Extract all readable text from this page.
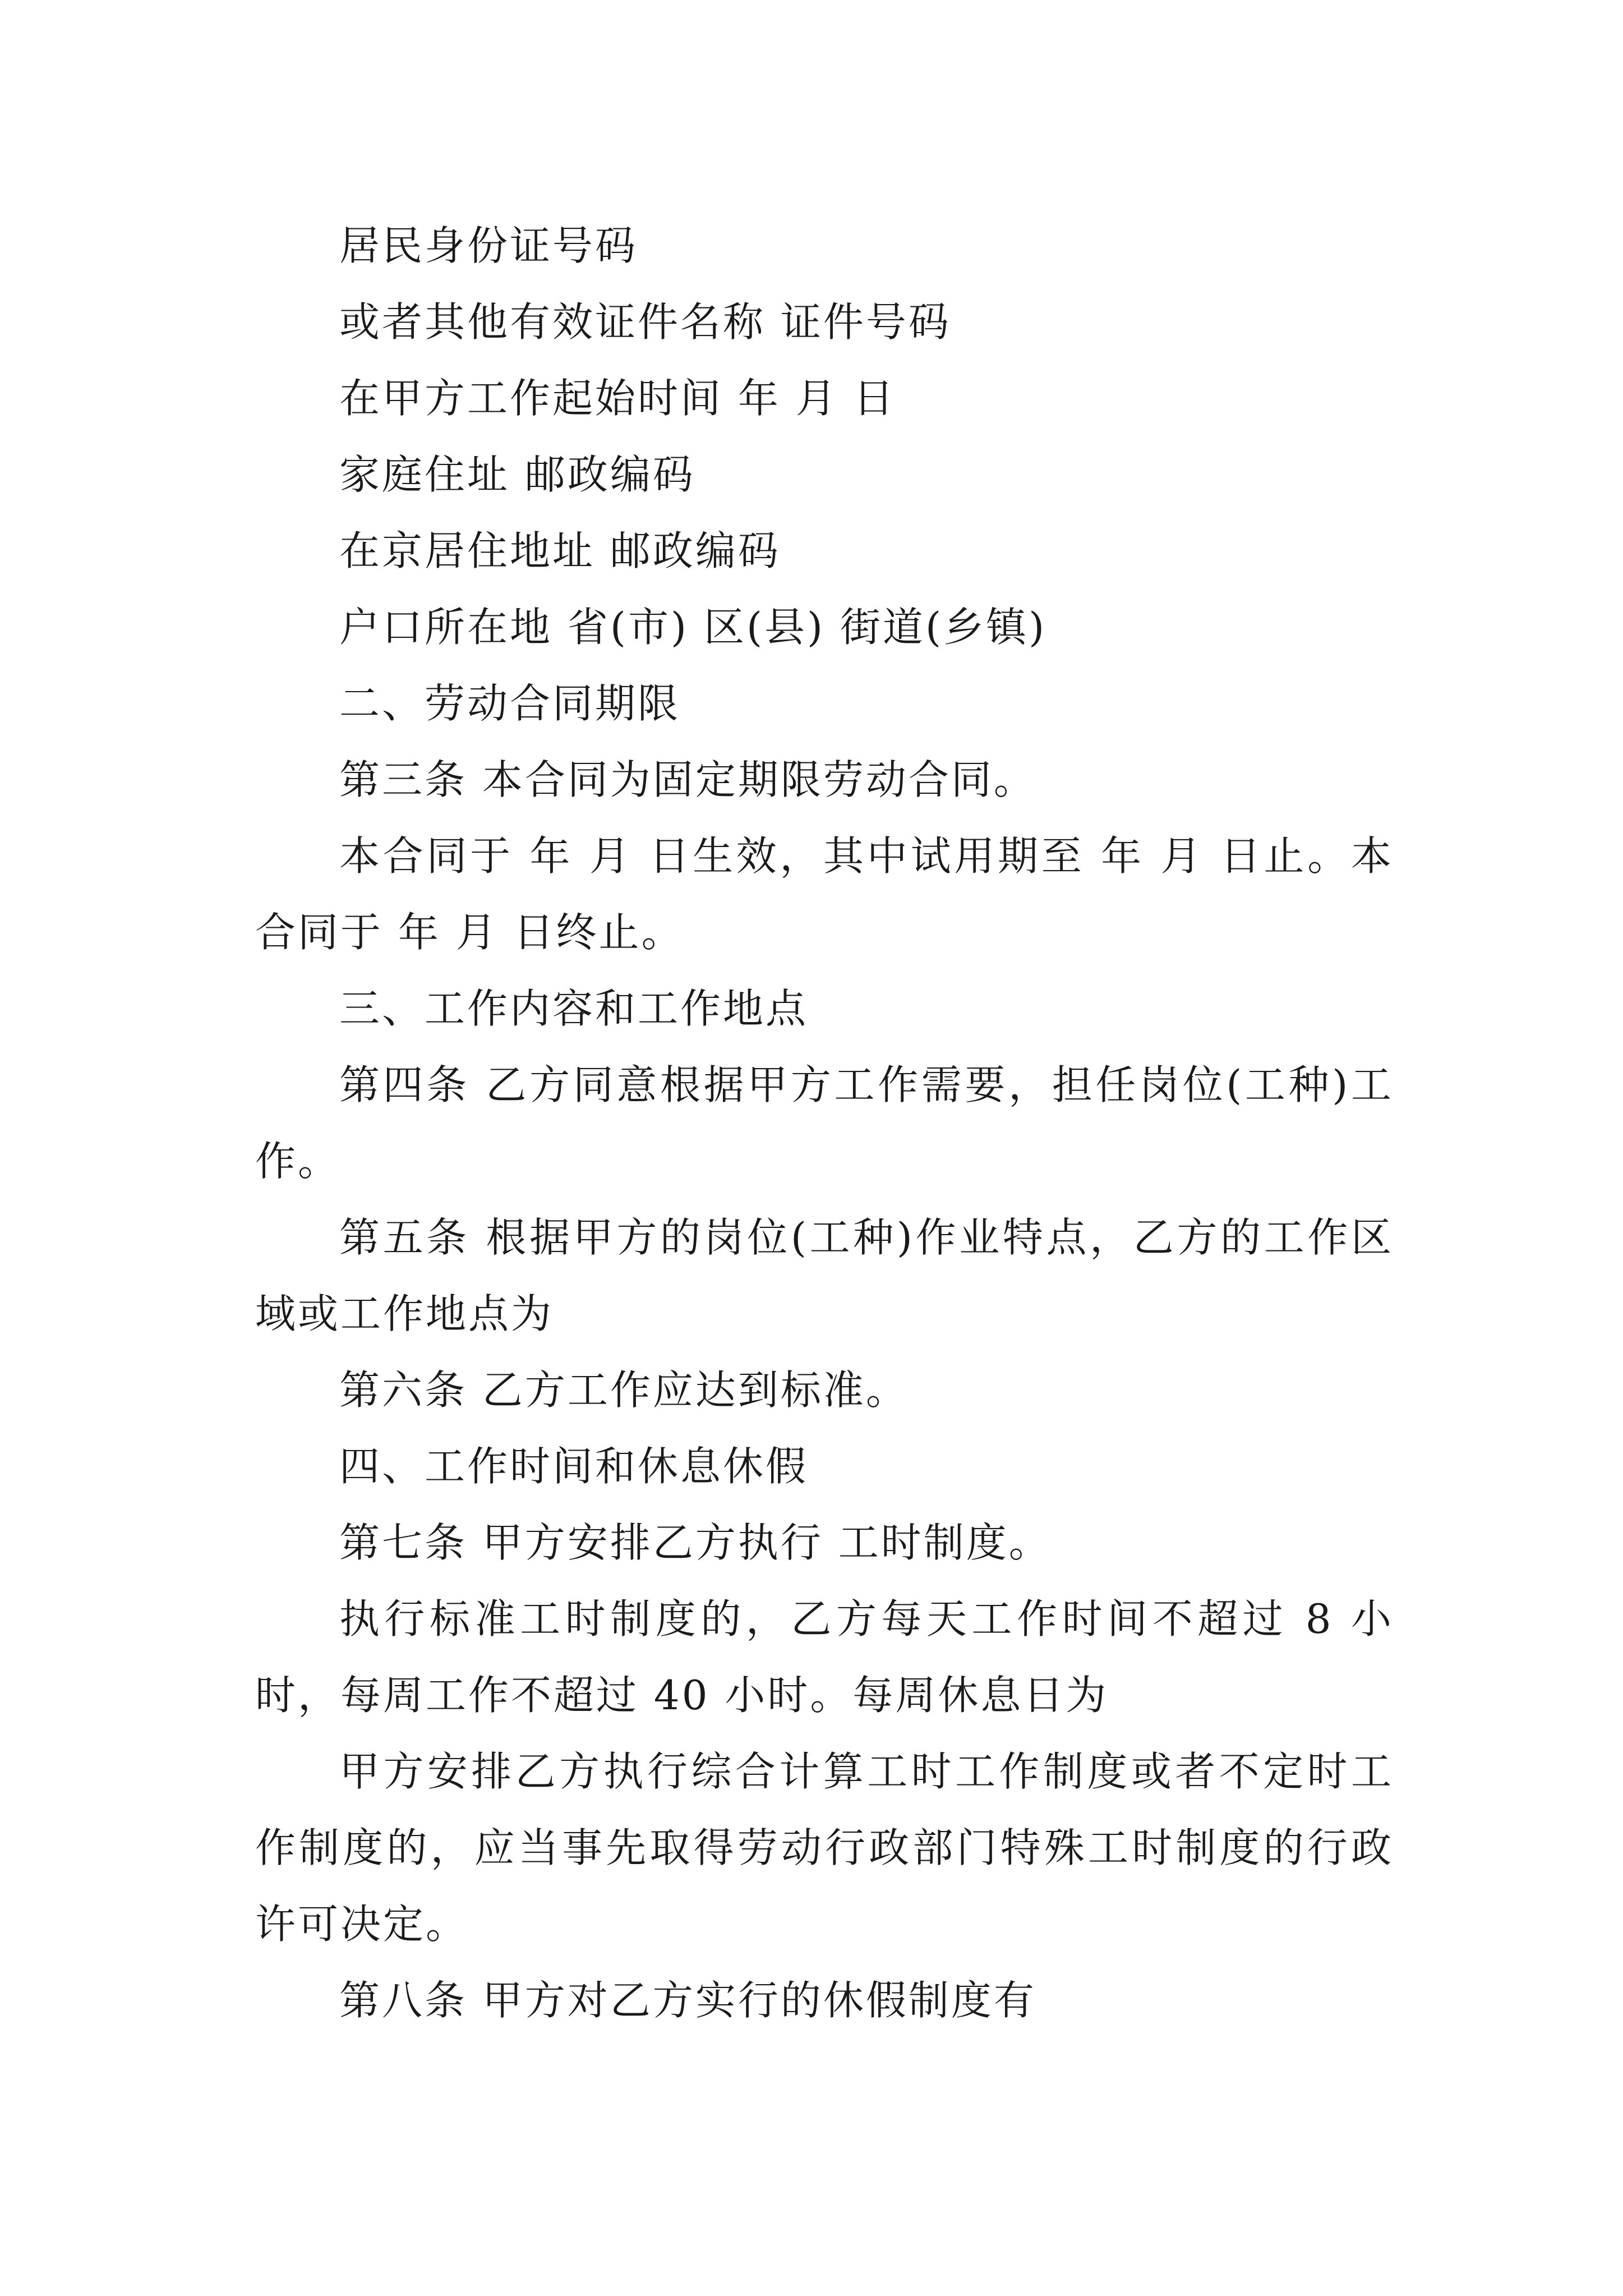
居民身份证号码
或者其他有效证件名称 证件号码
在甲方工作起始时间 年 月 日
家庭住址 邮政编码
在京居住地址 邮政编码
户口所在地 省(市) 区(县) 街道(乡镇)
二、劳动合同期限
第三条 本合同为固定期限劳动合同。
本合同于 年 月 日生效，其中试用期至 年 月 日止。本合同于 年 月 日终止。
三、工作内容和工作地点
第四条 乙方同意根据甲方工作需要，担任岗位(工种)工作。
第五条 根据甲方的岗位(工种)作业特点，乙方的工作区域或工作地点为
第六条 乙方工作应达到标准。
四、工作时间和休息休假
第七条 甲方安排乙方执行 工时制度。
执行标准工时制度的，乙方每天工作时间不超过 8 小时，每周工作不超过 40 小时。每周休息日为
甲方安排乙方执行综合计算工时工作制度或者不定时工作制度的，应当事先取得劳动行政部门特殊工时制度的行政许可决定。
第八条 甲方对乙方实行的休假制度有
